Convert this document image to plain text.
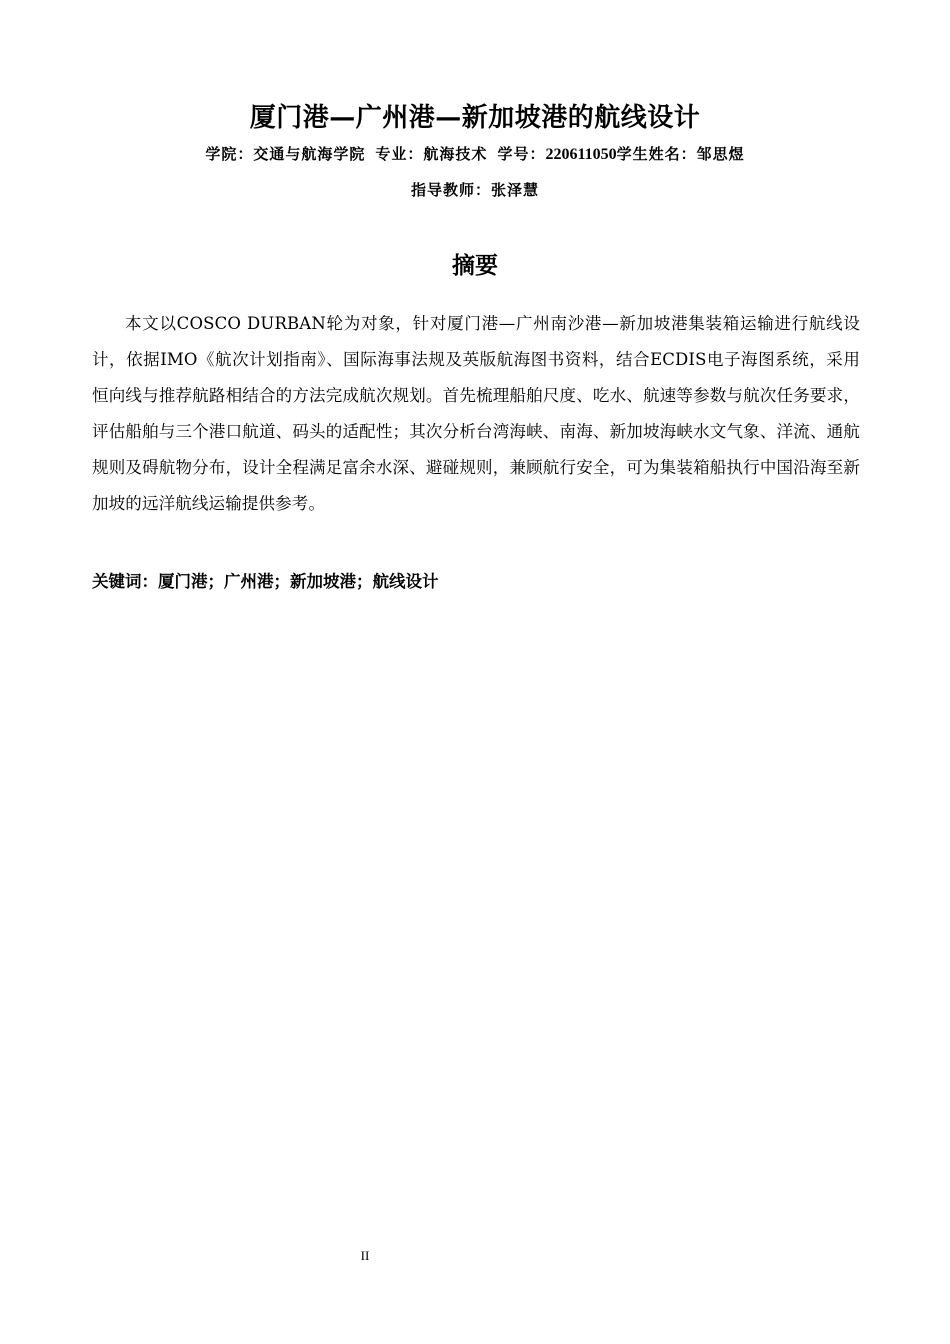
厦门港—广州港—新加坡港的航线设计
学院：交通与航海学院 专业：航海技术 学号：220611050学生姓名：邹思煜
指导教师：张泽慧
摘要

本文以COSCO DURBAN轮为对象，针对厦门港—广州南沙港—新加坡港集装箱运输进行航线设计，依据IMO《航次计划指南》、国际海事法规及英版航海图书资料，结合ECDIS电子海图系统，采用恒向线与推荐航路相结合的方法完成航次规划。首先梳理船舶尺度、吃水、航速等参数与航次任务要求，评估船舶与三个港口航道、码头的适配性；其次分析台湾海峡、南海、新加坡海峡水文气象、洋流、通航规则及碍航物分布，设计全程满足富余水深、避碰规则，兼顾航行安全，可为集装箱船执行中国沿海至新加坡的远洋航线运输提供参考。

关键词：厦门港；广州港；新加坡港；航线设计
II
